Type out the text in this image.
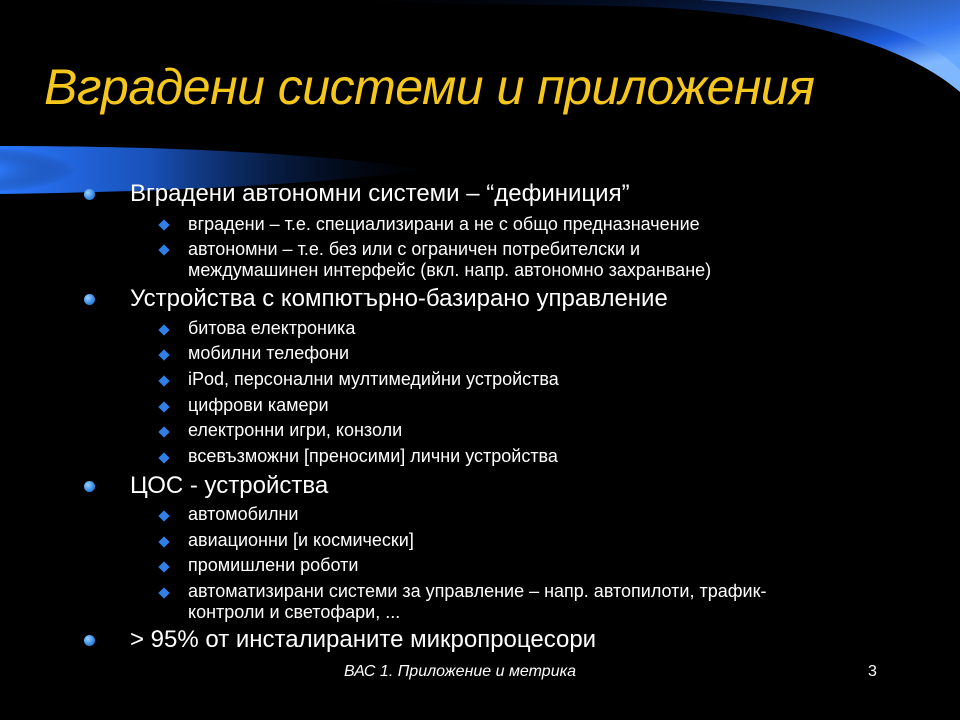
Вградени системи и приложения
Вградени автономни системи – “дефиниция”
вградени – т.е. специализирани а не с общо предназначение
автономни – т.е. без или с ограничен потребителски и
междумашинен интерфейс (вкл. напр. автономно захранване)
Устройства с компютърно-базирано управление
битова електроника
мобилни телефони
iPod, персонални мултимедийни устройства
цифрови камери
електронни игри, конзоли
всевъзможни [преносими] лични устройства
ЦОС - устройства
автомобилни
авиационни [и космически]
промишлени роботи
автоматизирани системи за управление – напр. автопилоти, трафик-
контроли и светофари, ...
> 95% от инсталираните микропроцесори
ВАС 1. Приложение и метрика	3
